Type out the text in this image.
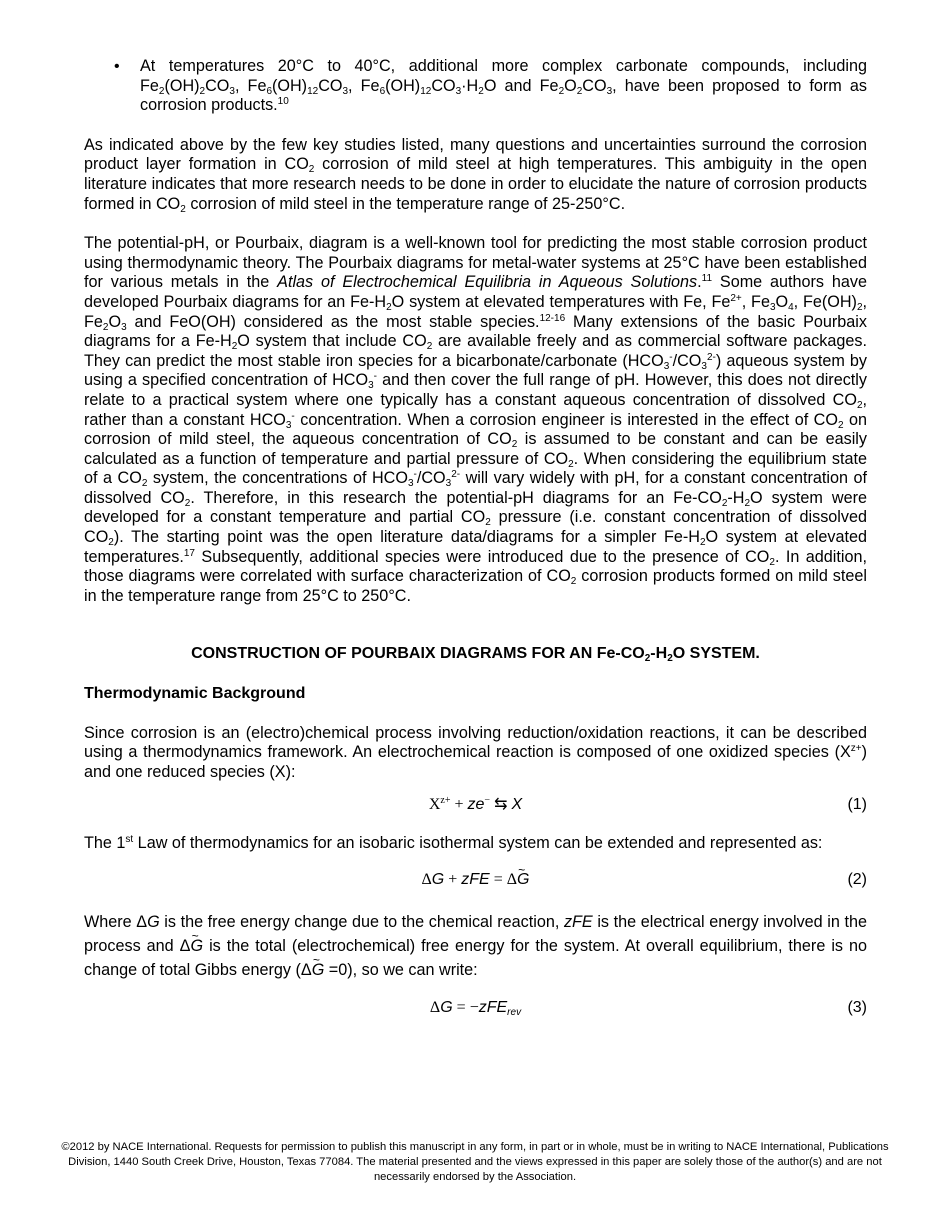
• At temperatures 20°C to 40°C, additional more complex carbonate compounds, including $Fe_2(OH)_2CO_3$, $Fe_6(OH)_{12}CO_3$, $Fe_6(OH)_{12}CO_3\cdot H_2O$ and $Fe_2O_2CO_3$, have been proposed to form as corrosion products.$^{10}$

As indicated above by the few key studies listed, many questions and uncertainties surround the corrosion product layer formation in $CO_2$ corrosion of mild steel at high temperatures. This ambiguity in the open literature indicates that more research needs to be done in order to elucidate the nature of corrosion products formed in $CO_2$ corrosion of mild steel in the temperature range of 25-250°C.

The potential-pH, or Pourbaix, diagram is a well-known tool for predicting the most stable corrosion product using thermodynamic theory. The Pourbaix diagrams for metal-water systems at 25°C have been established for various metals in the Atlas of Electrochemical Equilibria in Aqueous Solutions.$^{11}$ Some authors have developed Pourbaix diagrams for an $Fe-H_2O$ system at elevated temperatures with Fe, $Fe^{2+}$, $Fe_3O_4$, $Fe(OH)_2$, $Fe_2O_3$ and FeO(OH) considered as the most stable species.$^{12-16}$ Many extensions of the basic Pourbaix diagrams for a $Fe-H_2O$ system that include $CO_2$ are available freely and as commercial software packages. They can predict the most stable iron species for a bicarbonate/carbonate $(HCO_3^-/CO_3^{2-})$ aqueous system by using a specified concentration of $HCO_3^-$ and then cover the full range of pH. However, this does not directly relate to a practical system where one typically has a constant aqueous concentration of dissolved $CO_2$, rather than a constant $HCO_3^-$ concentration. When a corrosion engineer is interested in the effect of $CO_2$ on corrosion of mild steel, the aqueous concentration of $CO_2$ is assumed to be constant and can be easily calculated as a function of temperature and partial pressure of $CO_2$. When considering the equilibrium state of a $CO_2$ system, the concentrations of $HCO_3^-/CO_3^{2-}$ will vary widely with pH, for a constant concentration of dissolved $CO_2$. Therefore, in this research the potential-pH diagrams for an $Fe-CO_2-H_2O$ system were developed for a constant temperature and partial $CO_2$ pressure (i.e. constant concentration of dissolved $CO_2$). The starting point was the open literature data/diagrams for a simpler $Fe-H_2O$ system at elevated temperatures.$^{17}$ Subsequently, additional species were introduced due to the presence of $CO_2$. In addition, those diagrams were correlated with surface characterization of $CO_2$ corrosion products formed on mild steel in the temperature range from 25°C to 250°C.

CONSTRUCTION OF POURBAIX DIAGRAMS FOR AN $Fe-CO_2-H_2O$ SYSTEM.

Thermodynamic Background

Since corrosion is an (electro)chemical process involving reduction/oxidation reactions, it can be described using a thermodynamics framework. An electrochemical reaction is composed of one oxidized species $(X^{z+})$ and one reduced species (X):

$X^{z+} + ze^-$ ⇆ X	(1)

The 1st Law of thermodynamics for an isobaric isothermal system can be extended and represented as:

ΔG + zFE = Δ~ G	(2)

Where ΔG is the free energy change due to the chemical reaction, zFE is the electrical energy involved in the process and Δ~ G is the total (electrochemical) free energy for the system. At overall equilibrium, there is no change of total Gibbs energy (Δ~ G =0), so we can write:

ΔG = −zFE$_{rev}$	(3)
©2012 by NACE International. Requests for permission to publish this manuscript in any form, in part or in whole, must be in writing to NACE International, Publications Division, 1440 South Creek Drive, Houston, Texas 77084. The material presented and the views expressed in this paper are solely those of the author(s) and are not necessarily endorsed by the Association.
